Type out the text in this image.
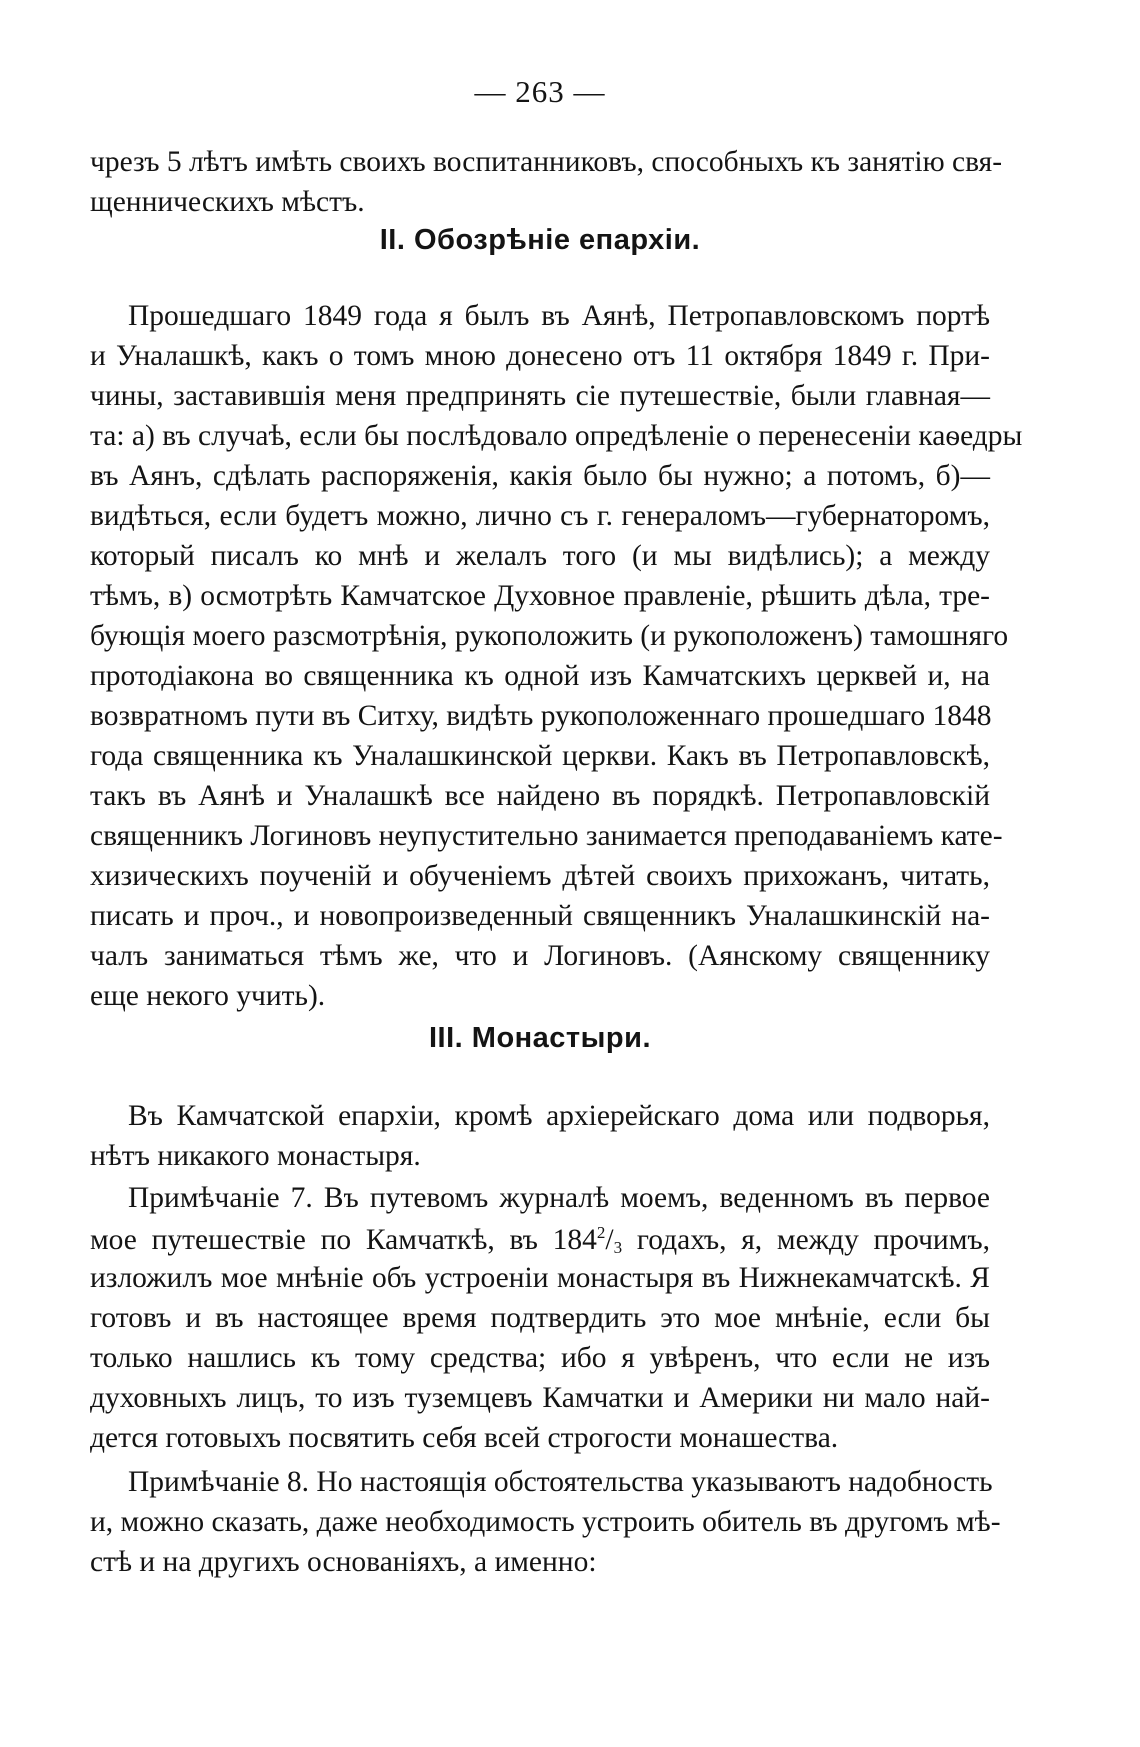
— 263 —
чрезъ 5 лѣтъ имѣть своихъ воспитанниковъ, способныхъ къ занятію свя-
щенническихъ мѣстъ.
II. Обозрѣніе епархіи.
Прошедшаго 1849 года я былъ въ Аянѣ, Петропавловскомъ портѣ
и Уналашкѣ, какъ о томъ мною донесено отъ 11 октября 1849 г. При-
чины, заставившія меня предпринять сіе путешествіе, были главная—
та: а) въ случаѣ, если бы послѣдовало опредѣленіе о перенесеніи каѳедры
въ Аянъ, сдѣлать распоряженія, какія было бы нужно; а потомъ, б)—
видѣться, если будетъ можно, лично съ г. генераломъ—губернаторомъ,
который писалъ ко мнѣ и желалъ того (и мы видѣлись); а между
тѣмъ, в) осмотрѣть Камчатское Духовное правленіе, рѣшить дѣла, тре-
бующія моего разсмотрѣнія, рукоположить (и рукоположенъ) тамошняго
протодіакона во священника къ одной изъ Камчатскихъ церквей и, на
возвратномъ пути въ Ситху, видѣть рукоположеннаго прошедшаго 1848
года священника къ Уналашкинской церкви. Какъ въ Петропавловскѣ,
такъ въ Аянѣ и Уналашкѣ все найдено въ порядкѣ. Петропавловскій
священникъ Логиновъ неупустительно занимается преподаваніемъ кате-
хизическихъ поученій и обученіемъ дѣтей своихъ прихожанъ, читать,
писать и проч., и новопроизведенный священникъ Уналашкинскій на-
чалъ заниматься тѣмъ же, что и Логиновъ. (Аянскому священнику
еще некого учить).
III. Монастыри.
Въ Камчатской епархіи, кромѣ архіерейскаго дома или подворья,
нѣтъ никакого монастыря.
Примѣчаніе 7. Въ путевомъ журналѣ моемъ, веденномъ въ первое
мое путешествіе по Камчаткѣ, въ $184^2/_3$ годахъ, я, между прочимъ,
изложилъ мое мнѣніе объ устроеніи монастыря въ Нижнекамчатскѣ. Я
готовъ и въ настоящее время подтвердить это мое мнѣніе, если бы
только нашлись къ тому средства; ибо я увѣренъ, что если не изъ
духовныхъ лицъ, то изъ туземцевъ Камчатки и Америки ни мало най-
дется готовыхъ посвятить себя всей строгости монашества.
Примѣчаніе 8. Но настоящія обстоятельства указываютъ надобность
и, можно сказать, даже необходимость устроить обитель въ другомъ мѣ-
стѣ и на другихъ основаніяхъ, а именно:
